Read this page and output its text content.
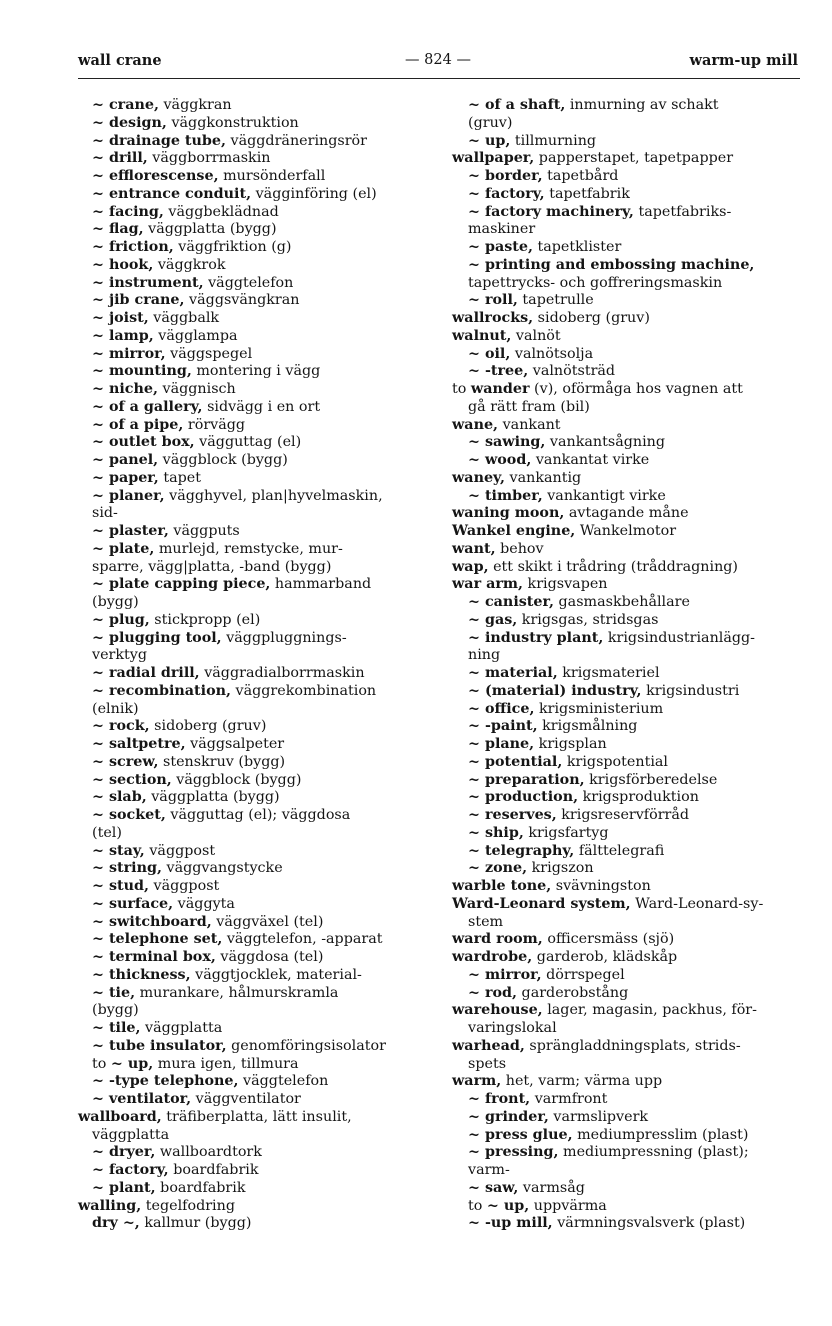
wall crane	— 824 —	warm-up mill
~ crane, väggkran
~ design, väggkonstruktion
~ drainage tube, väggdräneringsrör
~ drill, väggborrmaskin
~ efflorescense, mursönderfall
~ entrance conduit, vägginföring (el)
~ facing, väggbeklädnad
~ flag, väggplatta (bygg)
~ friction, väggfriktion (g)
~ hook, väggkrok
~ instrument, väggtelefon
~ jib crane, väggsvängkran
~ joist, väggbalk
~ lamp, vägglampa
~ mirror, väggspegel
~ mounting, montering i vägg
~ niche, väggnisch
~ of a gallery, sidvägg i en ort
~ of a pipe, rörvägg
~ outlet box, vägguttag (el)
~ panel, väggblock (bygg)
~ paper, tapet
~ planer, vägghyvel, plan|hyvelmaskin,
sid-
~ plaster, väggputs
~ plate, murlejd, remstycke, mur-
sparre, vägg|platta, -band (bygg)
~ plate capping piece, hammarband
(bygg)
~ plug, stickpropp (el)
~ plugging tool, väggpluggnings-
verktyg
~ radial drill, väggradialborrmaskin
~ recombination, väggrekombination
(elnik)
~ rock, sidoberg (gruv)
~ saltpetre, väggsalpeter
~ screw, stenskruv (bygg)
~ section, väggblock (bygg)
~ slab, väggplatta (bygg)
~ socket, vägguttag (el); väggdosa
(tel)
~ stay, väggpost
~ string, väggvangstycke
~ stud, väggpost
~ surface, väggyta
~ switchboard, väggväxel (tel)
~ telephone set, väggtelefon, -apparat
~ terminal box, väggdosa (tel)
~ thickness, väggtjocklek, material-
~ tie, murankare, hålmurskramla
(bygg)
~ tile, väggplatta
~ tube insulator, genomföringsisolator
to ~ up, mura igen, tillmura
~ -type telephone, väggtelefon
~ ventilator, väggventilator
wallboard, träfiberplatta, lätt insulit,
väggplatta
~ dryer, wallboardtork
~ factory, boardfabrik
~ plant, boardfabrik
walling, tegelfodring
dry ~, kallmur (bygg)
~ of a shaft, inmurning av schakt
(gruv)
~ up, tillmurning
wallpaper, papperstapet, tapetpapper
~ border, tapetbård
~ factory, tapetfabrik
~ factory machinery, tapetfabriks-
maskiner
~ paste, tapetklister
~ printing and embossing machine,
tapettrycks- och goffreringsmaskin
~ roll, tapetrulle
wallrocks, sidoberg (gruv)
walnut, valnöt
~ oil, valnötsolja
~ -tree, valnötsträd
to wander (v), oförmåga hos vagnen att
gå rätt fram (bil)
wane, vankant
~ sawing, vankantsågning
~ wood, vankantat virke
waney, vankantig
~ timber, vankantigt virke
waning moon, avtagande måne
Wankel engine, Wankelmotor
want, behov
wap, ett skikt i trådring (tråddragning)
war arm, krigsvapen
~ canister, gasmaskbehållare
~ gas, krigsgas, stridsgas
~ industry plant, krigsindustrianlägg-
ning
~ material, krigsmateriel
~ (material) industry, krigsindustri
~ office, krigsministerium
~ -paint, krigsmålning
~ plane, krigsplan
~ potential, krigspotential
~ preparation, krigsförberedelse
~ production, krigsproduktion
~ reserves, krigsreservförråd
~ ship, krigsfartyg
~ telegraphy, fälttelegrafi
~ zone, krigszon
warble tone, svävningston
Ward-Leonard system, Ward-Leonard-sy-
stem
ward room, officersmäss (sjö)
wardrobe, garderob, klädskåp
~ mirror, dörrspegel
~ rod, garderobstång
warehouse, lager, magasin, packhus, för-
varingslokal
warhead, sprängladdningsplats, strids-
spets
warm, het, varm; värma upp
~ front, varmfront
~ grinder, varmslipverk
~ press glue, mediumpresslim (plast)
~ pressing, mediumpressning (plast);
varm-
~ saw, varmsåg
to ~ up, uppvärma
~ -up mill, värmningsvalsverk (plast)
